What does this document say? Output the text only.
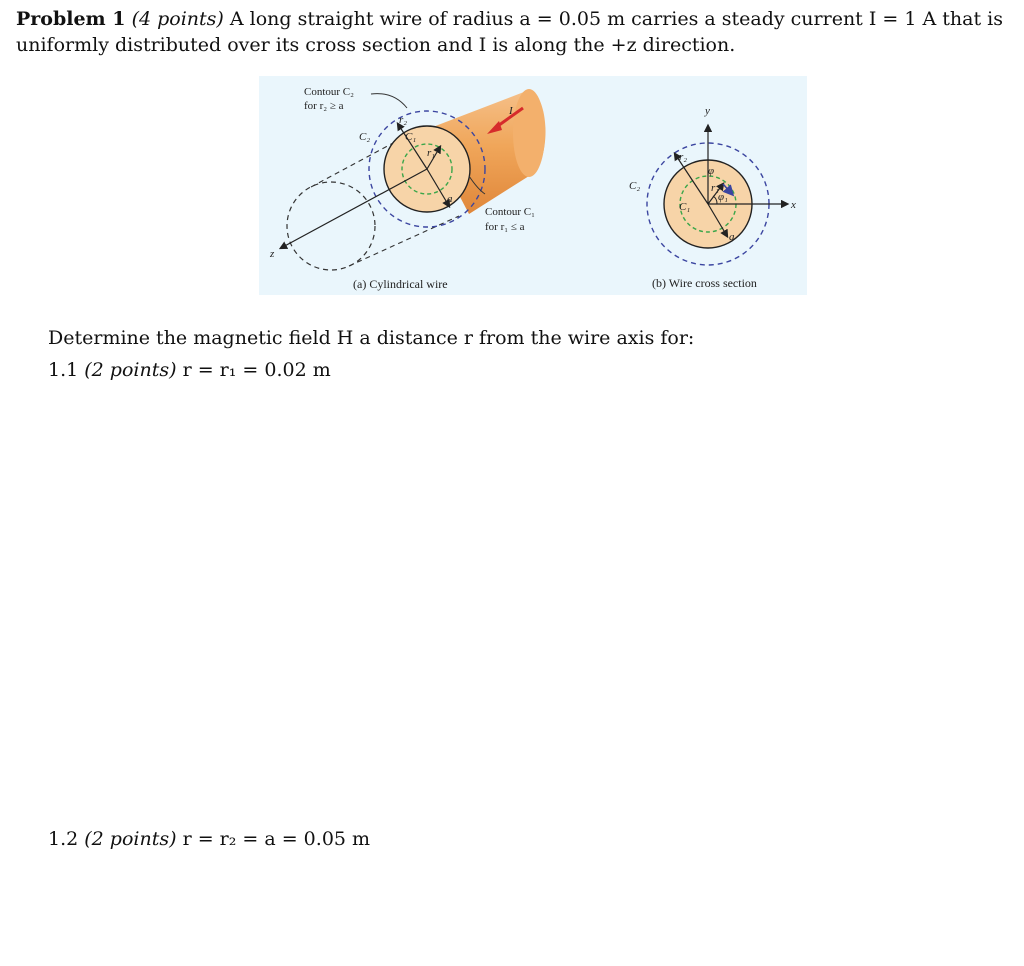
Problem 1 (4 points) A long straight wire of radius a = 0.05 m carries a steady current I = 1 A that is
uniformly distributed over its cross section and I is along the +z direction.
Contour C₂
for r₂ ≥ a
Contour C₁
for r₁ ≤ a
C₂	C₁
r₂
r₁
a
I
z
y
x
C₂
C₁
r₂
r₁
φ
φ₁
a
(a) Cylindrical wire	(b) Wire cross section
Determine the magnetic field H a distance r from the wire axis for:
1.1 (2 points) r = r₁ = 0.02 m
1.2 (2 points) r = r₂ = a = 0.05 m
